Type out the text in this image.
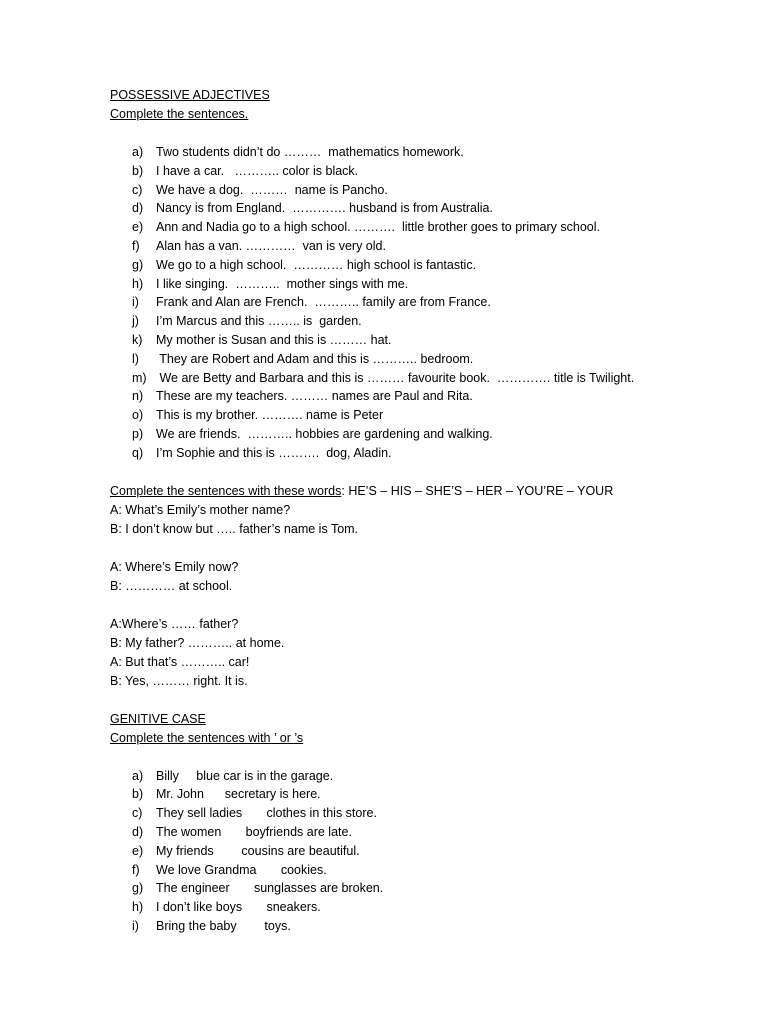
POSSESSIVE ADJECTIVES
Complete the sentences.
a) Two students didn’t do ………  mathematics homework.
b) I have a car.   ……….. color is black.
c) We have a dog.  ………  name is Pancho.
d) Nancy is from England.  …………. husband is from Australia.
e) Ann and Nadia go to a high school. ……….  little brother goes to primary school.
f) Alan has a van. …………  van is very old.
g) We go to a high school.  ………… high school is fantastic.
h) I like singing.  ………..  mother sings with me.
i) Frank and Alan are French.  ……….. family are from France.
j) I’m Marcus and this …….. is  garden.
k) My mother is Susan and this is ……… hat.
l) They are Robert and Adam and this is ……….. bedroom.
m) We are Betty and Barbara and this is ……… favourite book.  …………. title is Twilight.
n) These are my teachers. ……… names are Paul and Rita.
o) This is my brother. ………. name is Peter
p) We are friends.  ……….. hobbies are gardening and walking.
q) I’m Sophie and this is ……….  dog, Aladin.
Complete the sentences with these words: HE’S – HIS – SHE’S – HER – YOU’RE – YOUR
A: What’s Emily’s mother name?
B: I don’t know but ….. father’s name is Tom.
A: Where’s Emily now?
B: ………… at school.
A:Where’s …… father?
B: My father? ……….. at home.
A: But that’s ……….. car!
B: Yes, ……… right. It is.
GENITIVE CASE
Complete the sentences with ’ or ’s
a) Billy     blue car is in the garage.
b) Mr. John      secretary is here.
c) They sell ladies       clothes in this store.
d) The women       boyfriends are late.
e) My friends        cousins are beautiful.
f) We love Grandma       cookies.
g) The engineer       sunglasses are broken.
h) I don’t like boys       sneakers.
i) Bring the baby        toys.
